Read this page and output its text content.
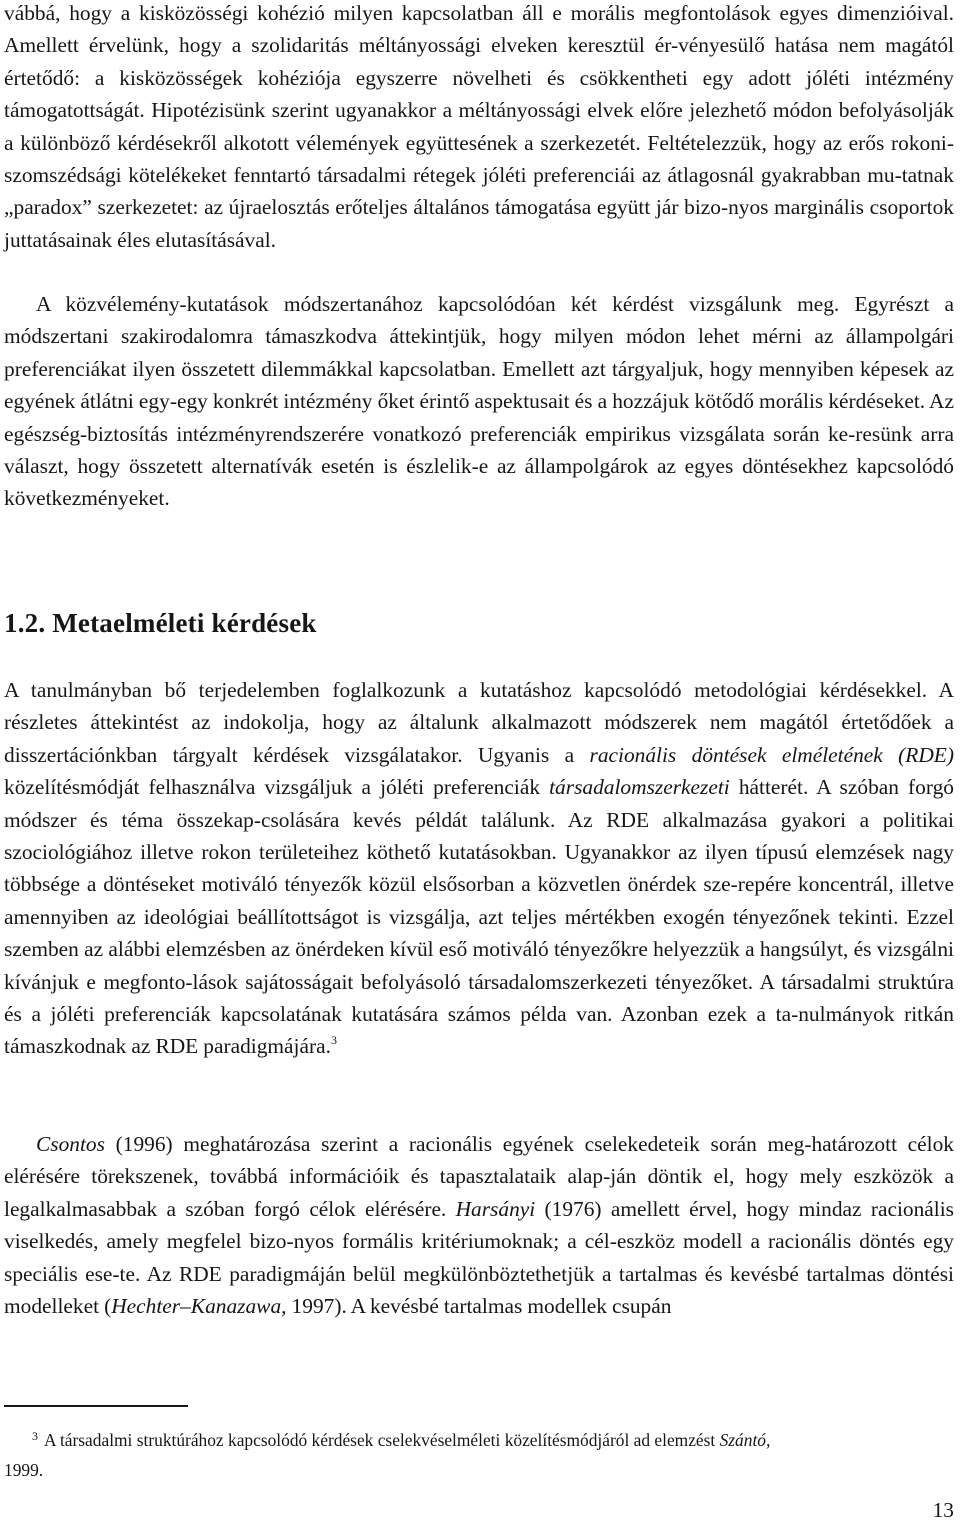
vábbá, hogy a kisközösségi kohézió milyen kapcsolatban áll e morális megfontolások egyes dimenzióival. Amellett érvelünk, hogy a szolidaritás méltányossági elveken keresztül ér-vényesülő hatása nem magától értetődő: a kisközösségek kohéziója egyszerre növelheti és csökkentheti egy adott jóléti intézmény támogatottságát. Hipotézisünk szerint ugyanakkor a méltányossági elvek előre jelezhető módon befolyásolják a különböző kérdésekről alkotott vélemények együttesének a szerkezetét. Feltételezzük, hogy az erős rokoni-szomszédsági kötelékeket fenntartó társadalmi rétegek jóléti preferenciái az átlagosnál gyakrabban mu-tatnak „paradox” szerkezetet: az újraelosztás erőteljes általános támogatása együtt jár bizo-nyos marginális csoportok juttatásainak éles elutasításával.

A közvélemény-kutatások módszertanához kapcsolódóan két kérdést vizsgálunk meg. Egyrészt a módszertani szakirodalomra támaszkodva áttekintjük, hogy milyen módon lehet mérni az állampolgári preferenciákat ilyen összetett dilemmákkal kapcsolatban. Emellett azt tárgyaljuk, hogy mennyiben képesek az egyének átlátni egy-egy konkrét intézmény őket érintő aspektusait és a hozzájuk kötődő morális kérdéseket. Az egészség-biztosítás intézményrendszerére vonatkozó preferenciák empirikus vizsgálata során ke-resünk arra választ, hogy összetett alternatívák esetén is észlelik-e az állampolgárok az egyes döntésekhez kapcsolódó következményeket.

1.2. Metaelméleti kérdések

A tanulmányban bő terjedelemben foglalkozunk a kutatáshoz kapcsolódó metodológiai kérdésekkel. A részletes áttekintést az indokolja, hogy az általunk alkalmazott módszerek nem magától értetődőek a disszertációnkban tárgyalt kérdések vizsgálatakor. Ugyanis a racionális döntések elméletének (RDE) közelítésmódját felhasználva vizsgáljuk a jóléti preferenciák társadalomszerkezeti hátterét. A szóban forgó módszer és téma összekap-csolására kevés példát találunk. Az RDE alkalmazása gyakori a politikai szociológiához illetve rokon területeihez köthető kutatásokban. Ugyanakkor az ilyen típusú elemzések nagy többsége a döntéseket motiváló tényezők közül elsősorban a közvetlen önérdek sze-repére koncentrál, illetve amennyiben az ideológiai beállítottságot is vizsgálja, azt teljes mértékben exogén tényezőnek tekinti. Ezzel szemben az alábbi elemzésben az önérdeken kívül eső motiváló tényezőkre helyezzük a hangsúlyt, és vizsgálni kívánjuk e megfonto-lások sajátosságait befolyásoló társadalomszerkezeti tényezőket. A társadalmi struktúra és a jóléti preferenciák kapcsolatának kutatására számos példa van. Azonban ezek a ta-nulmányok ritkán támaszkodnak az RDE paradigmájára.$^3$

Csontos (1996) meghatározása szerint a racionális egyének cselekedeteik során meg-határozott célok elérésére törekszenek, továbbá információik és tapasztalataik alap-ján döntik el, hogy mely eszközök a legalkalmasabbak a szóban forgó célok elérésére. Harsányi (1976) amellett érvel, hogy mindaz racionális viselkedés, amely megfelel bizo-nyos formális kritériumoknak; a cél-eszköz modell a racionális döntés egy speciális ese-te. Az RDE paradigmáján belül megkülönböztethetjük a tartalmas és kevésbé tartalmas döntési modelleket (Hechter–Kanazawa, 1997). A kevésbé tartalmas modellek csupán

$^3$ A társadalmi struktúrához kapcsolódó kérdések cselekvéselméleti közelítésmódjáról ad elemzést Szántó,
1999.
13
